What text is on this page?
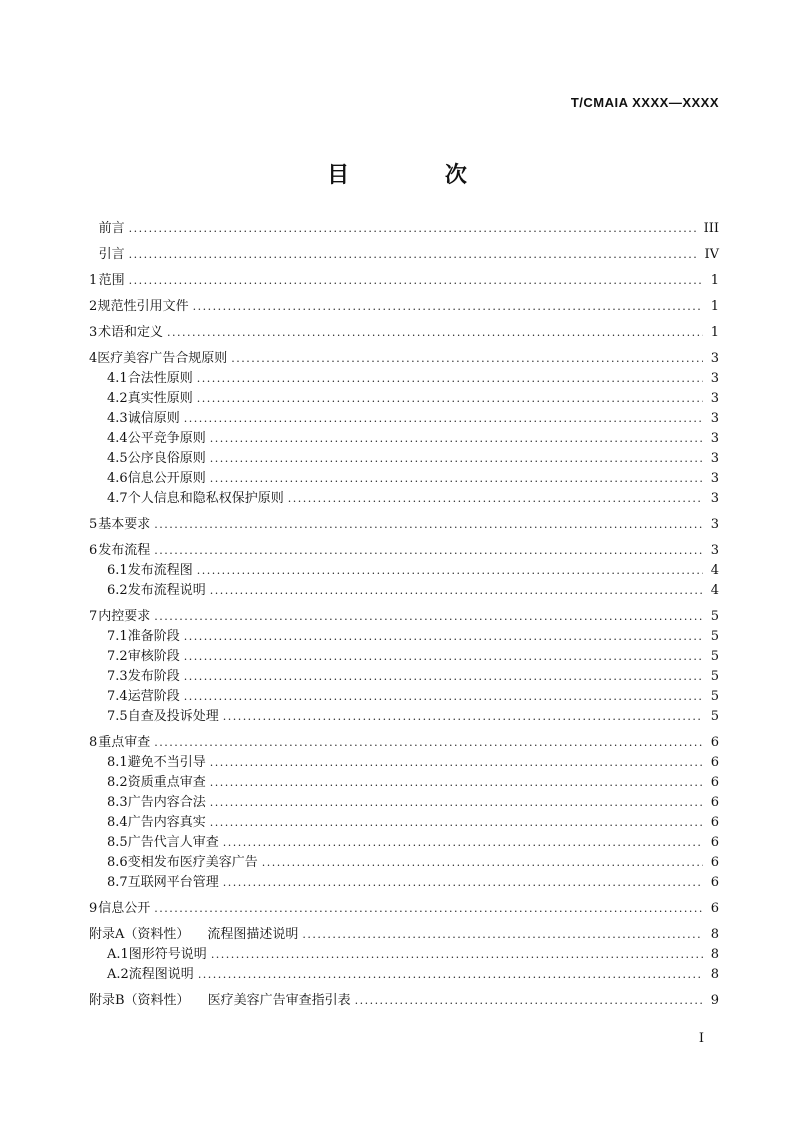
T/CMAIA XXXX—XXXX
目 次
前言 .....	III
引言 .....	IV
1 范围 .....	1
2 规范性引用文件 .....	1
3 术语和定义 .....	1
4 医疗美容广告合规原则 .....	3
4.1 合法性原则 .....	3
4.2 真实性原则 .....	3
4.3 诚信原则 .....	3
4.4 公平竞争原则 .....	3
4.5 公序良俗原则 .....	3
4.6 信息公开原则 .....	3
4.7 个人信息和隐私权保护原则 .....	3
5 基本要求 .....	3
6 发布流程 .....	3
6.1 发布流程图 .....	4
6.2 发布流程说明 .....	4
7 内控要求 .....	5
7.1 准备阶段 .....	5
7.2 审核阶段 .....	5
7.3 发布阶段 .....	5
7.4 运营阶段 .....	5
7.5 自查及投诉处理 .....	5
8 重点审查 .....	6
8.1 避免不当引导 .....	6
8.2 资质重点审查 .....	6
8.3 广告内容合法 .....	6
8.4 广告内容真实 .....	6
8.5 广告代言人审查 .....	6
8.6 变相发布医疗美容广告 .....	6
8.7 互联网平台管理 .....	6
9 信息公开 .....	6
附录A（资料性） 流程图描述说明 .....	8
A.1 图形符号说明 .....	8
A.2 流程图说明 .....	8
附录B（资料性） 医疗美容广告审查指引表 .....	9
I
